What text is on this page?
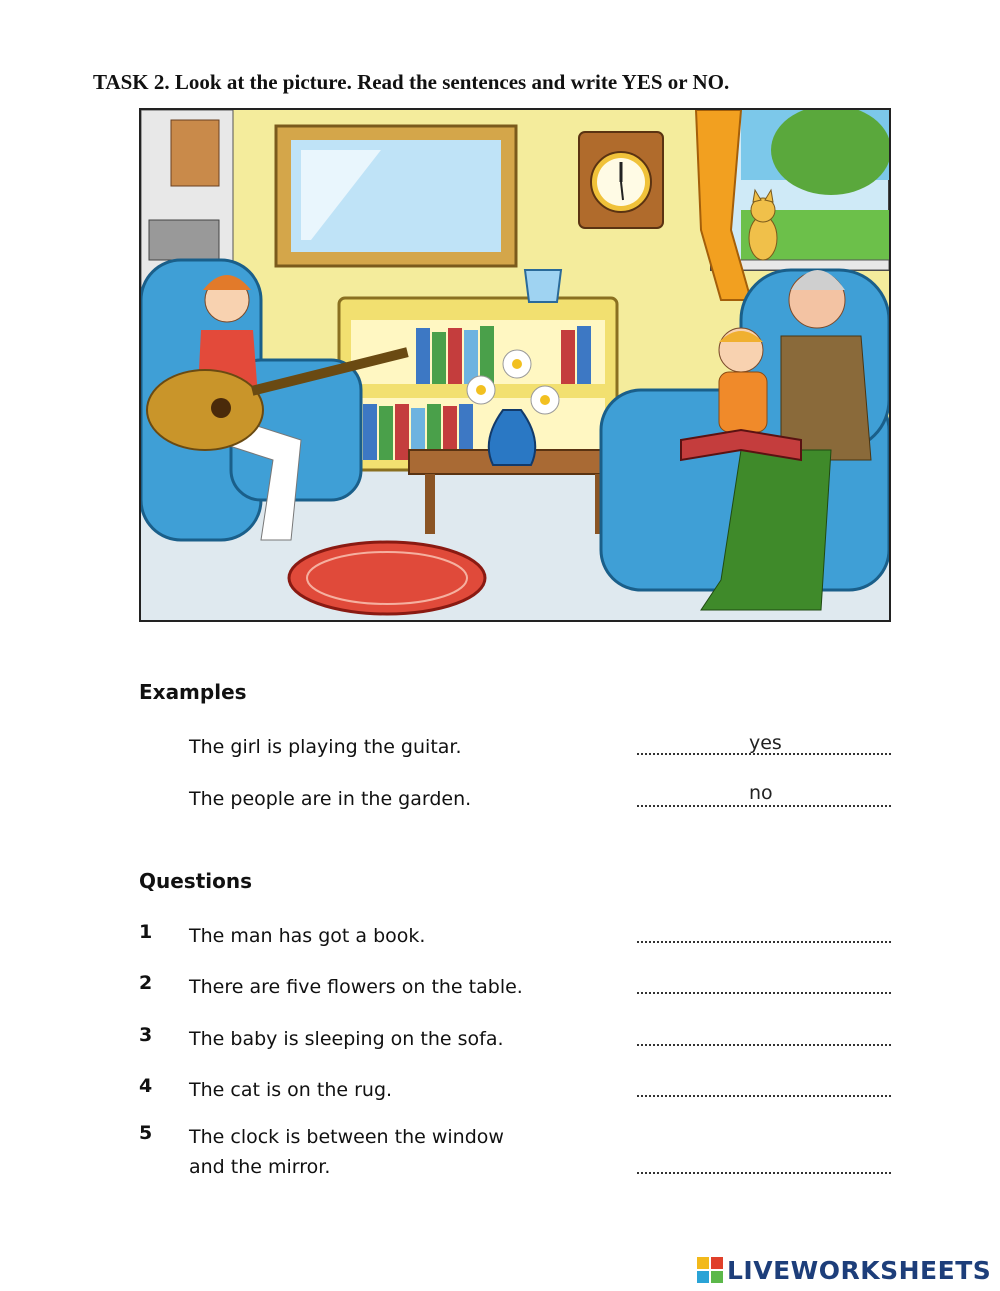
TASK 2. Look at the picture. Read the sentences and write YES or NO.
Examples
The girl is playing the guitar.	yes
The people are in the garden.	no
Questions
1 The man has got a book.
2 There are five flowers on the table.
3 The baby is sleeping on the sofa.
4 The cat is on the rug.
5 The clock is between the window and the mirror.
LIVEWORKSHEETS
